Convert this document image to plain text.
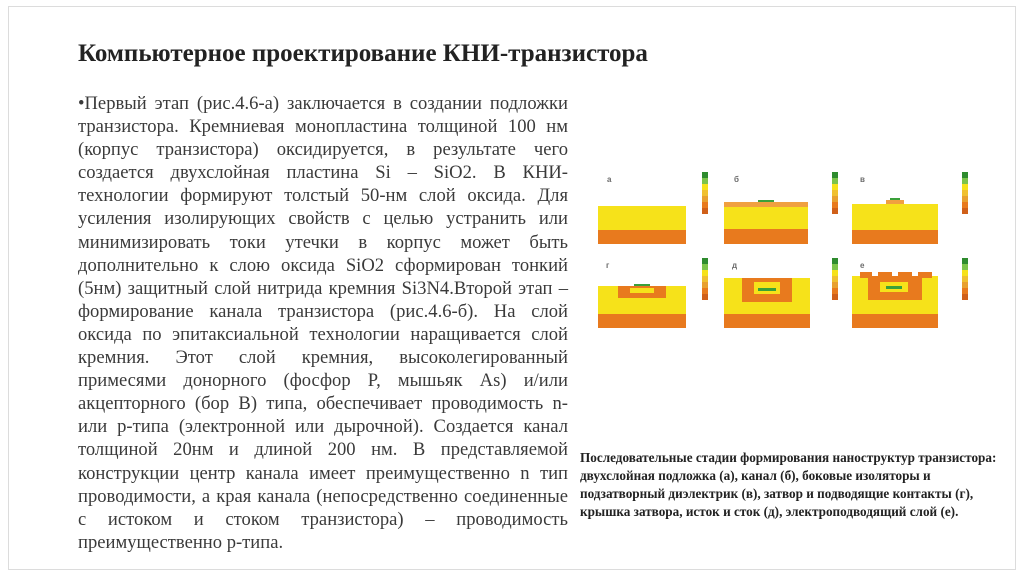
Компьютерное проектирование КНИ-транзистора

•Первый этап (рис.4.6-а) заключается в создании подложки транзистора. Кремниевая монопластина толщиной 100 нм (корпус транзистора) оксидируется, в результате чего создается двухслойная пластина Si – SiO2. В КНИ-технологии формируют толстый 50-нм слой оксида. Для усиления изолирующих свойств с целью устранить или минимизировать токи утечки в корпус может быть дополнительно к слою оксида SiO2 сформирован тонкий (5нм) защитный слой нитрида кремния Si3N4.Второй этап – формирование канала транзистора (рис.4.6-б). На слой оксида по эпитаксиальной технологии наращивается слой кремния. Этот слой кремния, высоколегированный примесями донорного (фосфор P, мышьяк As) и/или акцепторного (бор B) типа, обеспечивает проводимость n- или p-типа (электронной или дырочной). Создается канал толщиной 20нм и длиной 200 нм. В представляемой конструкции центр канала имеет преимущественно n тип проводимости, а края канала (непосредственно соединенные с истоком и стоком транзистора) – проводимость преимущественно p-типа.

а	б	в
г	д	е

Последовательные стадии формирования наноструктур транзистора: двухслойная подложка (а), канал (б), боковые изоляторы и подзатворный диэлектрик (в), затвор и подводящие контакты (г), крышка затвора, исток и сток (д), электроподводящий слой (е).
